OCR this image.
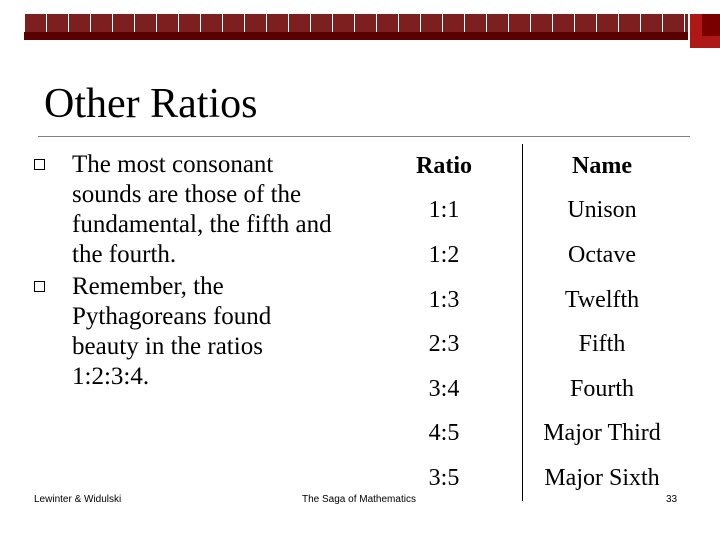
Other Ratios
The most consonant sounds are those of the fundamental, the fifth and the fourth.
Remember, the Pythagoreans found beauty in the ratios 1:2:3:4.
Ratio	Name
1:1	Unison
1:2	Octave
1:3	Twelfth
2:3	Fifth
3:4	Fourth
4:5	Major Third
3:5	Major Sixth
Lewinter & Widulski	The Saga of Mathematics	33
